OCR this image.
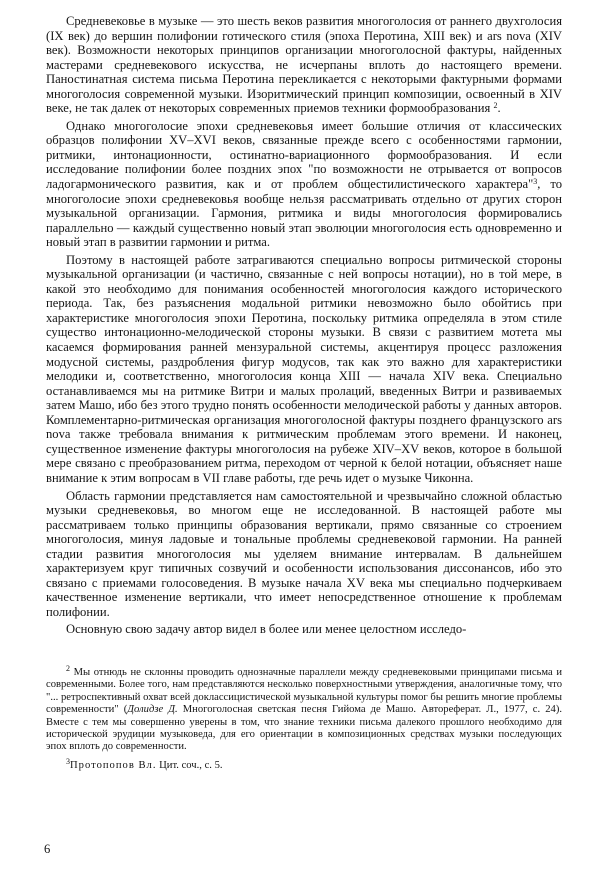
Средневековье в музыке — это шесть веков развития многоголосия от раннего двухголосия (IX век) до вершин полифонии готического стиля (эпоха Перотина, XIII век) и ars nova (XIV век). Возможности некоторых принципов организации многоголосной фактуры, найденных мастерами средневекового искусства, не исчерпаны вплоть до настоящего времени. Паностинатная система письма Перотина перекликается с некоторыми фактурными формами многоголосия современной музыки. Изоритмический принцип композиции, освоенный в XIV веке, не так далек от некоторых современных приемов техники формообразования $^2$.

Однако многоголосие эпохи средневековья имеет большие отличия от классических образцов полифонии XV–XVI веков, связанные прежде всего с особенностями гармонии, ритмики, интонационности, остинатно-вариационного формообразования. И если исследование полифонии более поздних эпох "по возможности не отрывается от вопросов ладогармонического развития, как и от проблем общестилистического характера"$^3$, то многоголосие эпохи средневековья вообще нельзя рассматривать отдельно от других сторон музыкальной организации. Гармония, ритмика и виды многоголосия формировались параллельно — каждый существенно новый этап эволюции многоголосия есть одновременно и новый этап в развитии гармонии и ритма.

Поэтому в настоящей работе затрагиваются специально вопросы ритмической стороны музыкальной организации (и частично, связанные с ней вопросы нотации), но в той мере, в какой это необходимо для понимания особенностей многоголосия каждого исторического периода. Так, без разъяснения модальной ритмики невозможно было обойтись при характеристике многоголосия эпохи Перотина, поскольку ритмика определяла в этом стиле существо интонационно-мелодической стороны музыки. В связи с развитием мотета мы касаемся формирования ранней мензуральной системы, акцентируя процесс разложения модусной системы, раздробления фигур модусов, так как это важно для характеристики мелодики и, соответственно, многоголосия конца XIII — начала XIV века. Специально останавливаемся мы на ритмике Витри и малых пролаций, введенных Витри и развиваемых затем Машо, ибо без этого трудно понять особенности мелодической работы у данных авторов. Комплементарно-ритмическая организация многоголосной фактуры позднего французского ars nova также требовала внимания к ритмическим проблемам этого времени. И наконец, существенное изменение фактуры многоголосия на рубеже XIV–XV веков, которое в большой мере связано с преобразованием ритма, переходом от черной к белой нотации, объясняет наше внимание к этим вопросам в VII главе работы, где речь идет о музыке Чиконна.

Область гармонии представляется нам самостоятельной и чрезвычайно сложной областью музыки средневековья, во многом еще не исследованной. В настоящей работе мы рассматриваем только принципы образования вертикали, прямо связанные со строением многоголосия, минуя ладовые и тональные проблемы средневековой гармонии. На ранней стадии развития многоголосия мы уделяем внимание интервалам. В дальнейшем характеризуем круг типичных созвучий и особенности использования диссонансов, ибо это связано с приемами голосоведения. В музыке начала XV века мы специально подчеркиваем качественное изменение вертикали, что имеет непосредственное отношение к проблемам полифонии.

Основную свою задачу автор видел в более или менее целостном исследо-

$^2$ Мы отнюдь не склонны проводить однозначные параллели между средневековыми принципами письма и современными. Более того, нам представляются несколько поверхностными утверждения, аналогичные тому, что "... ретроспективный охват всей докласcицистической музыкальной культуры помог бы решить многие проблемы современности" (Долидзе Д. Многоголосная светская песня Гийома де Машо. Автореферат. Л., 1977, с. 24). Вместе с тем мы совершенно уверены в том, что знание техники письма далекого прошлого необходимо для исторической эрудиции музыковеда, для его ориентации в композиционных средствах музыки последующих эпох вплоть до современности.

$^3$Протопопов Вл. Цит. соч., с. 5.

6
